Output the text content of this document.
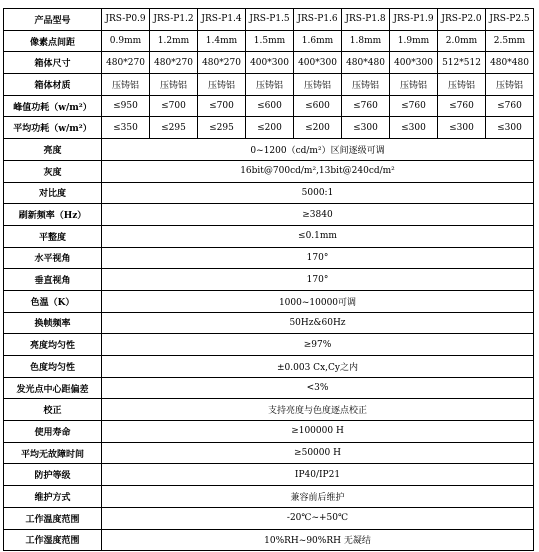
产品型号	JRS-P0.9	JRS-P1.2	JRS-P1.4	JRS-P1.5	JRS-P1.6	JRS-P1.8	JRS-P1.9	JRS-P2.0	JRS-P2.5
像素点间距	0.9mm	1.2mm	1.4mm	1.5mm	1.6mm	1.8mm	1.9mm	2.0mm	2.5mm
箱体尺寸	480*270	480*270	480*270	400*300	400*300	480*480	400*300	512*512	480*480
箱体材质	压铸铝	压铸铝	压铸铝	压铸铝	压铸铝	压铸铝	压铸铝	压铸铝	压铸铝
峰值功耗（w/m²）	≤950	≤700	≤700	≤600	≤600	≤760	≤760	≤760	≤760
平均功耗（w/m²）	≤350	≤295	≤295	≤200	≤200	≤300	≤300	≤300	≤300
亮度	0~1200（cd/m²）区间逐级可调								
灰度	16bit@700cd/m²,13bit@240cd/m²								
对比度	5000:1								
刷新频率（Hz）	≥3840								
平整度	≤0.1mm								
水平视角	170°								
垂直视角	170°								
色温（K）	1000~10000可调								
换帧频率	50Hz&60Hz								
亮度均匀性	≥97%								
色度均匀性	±0.003 Cx,Cy之内								
发光点中心距偏差	<3%								
校正	支持亮度与色度逐点校正								
使用寿命	≥100000 H								
平均无故障时间	≥50000 H								
防护等级	IP40/IP21								
维护方式	兼容前后维护								
工作温度范围	-20℃~+50℃								
工作湿度范围	10%RH~90%RH 无凝结								
